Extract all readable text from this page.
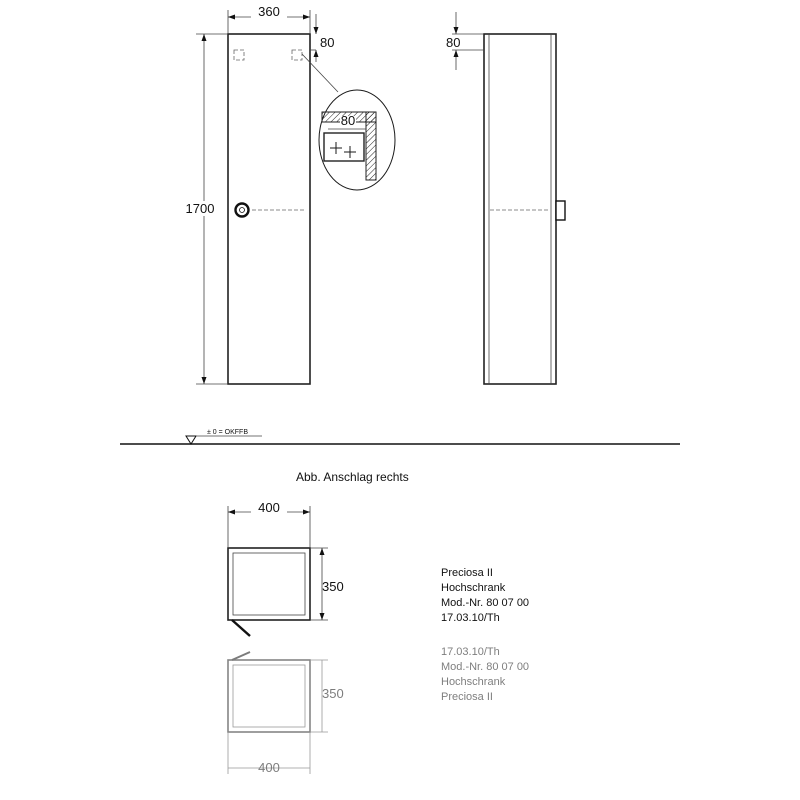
360
1700
80
80
80
± 0 = OKFFB
Abb. Anschlag rechts
400
350
Preciosa II
Hochschrank
Mod.-Nr. 80 07 00
17.03.10/Th
400
350	Preciosa II
Hochschrank
Mod.-Nr. 80 07 00
17.03.10/Th
